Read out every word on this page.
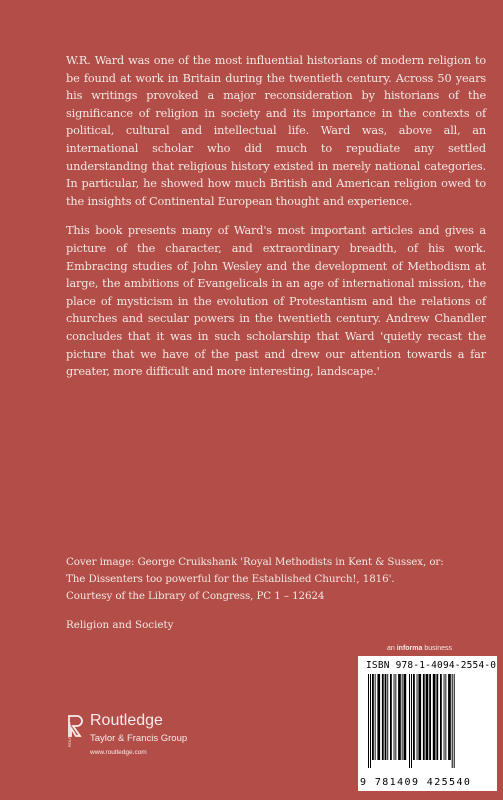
W.R. Ward was one of the most influential historians of modern religion to be found at work in Britain during the twentieth century. Across 50 years his writings provoked a major reconsideration by historians of the significance of religion in society and its importance in the contexts of political, cultural and intellectual life. Ward was, above all, an international scholar who did much to repudiate any settled understanding that religious history existed in merely national categories. In particular, he showed how much British and American religion owed to the insights of Continental European thought and experience.

This book presents many of Ward's most important articles and gives a picture of the character, and extraordinary breadth, of his work. Embracing studies of John Wesley and the development of Methodism at large, the ambitions of Evangelicals in an age of international mission, the place of mysticism in the evolution of Protestantism and the relations of churches and secular powers in the twentieth century. Andrew Chandler concludes that it was in such scholarship that Ward 'quietly recast the picture that we have of the past and drew our attention towards a far greater, more difficult and more interesting, landscape.'

Cover image: George Cruikshank 'Royal Methodists in Kent & Sussex, or:
The Dissenters too powerful for the Established Church!, 1816'.
Courtesy of the Library of Congress, PC 1 – 12624
Religion and Society
an informa business
ISBN 978-1-4094-2554-0
9 781409 425540
ROUTLEDGE
Routledge
Taylor & Francis Group
www.routledge.com
